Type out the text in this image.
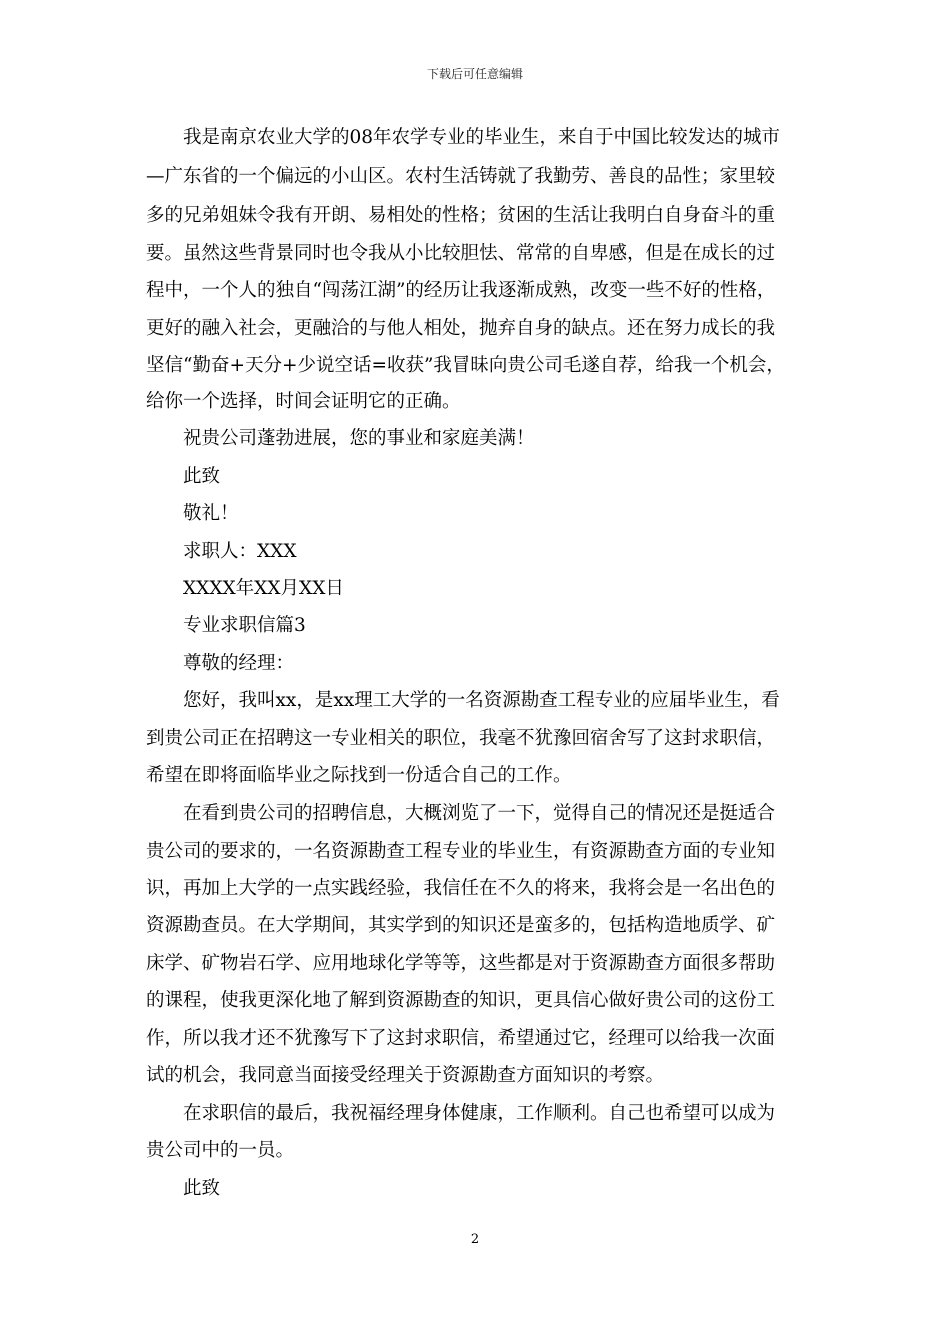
下载后可任意编辑
　　我是南京农业大学的08年农学专业的毕业生，来自于中国比较发达的城市
—广东省的一个偏远的小山区。农村生活铸就了我勤劳、善良的品性；家里较
多的兄弟姐妹令我有开朗、易相处的性格；贫困的生活让我明白自身奋斗的重
要。虽然这些背景同时也令我从小比较胆怯、常常的自卑感，但是在成长的过
程中，一个人的独自“闯荡江湖”的经历让我逐渐成熟，改变一些不好的性格，
更好的融入社会，更融洽的与他人相处，抛弃自身的缺点。还在努力成长的我
坚信“勤奋+天分+少说空话=收获”我冒昧向贵公司毛遂自荐，给我一个机会，
给你一个选择，时间会证明它的正确。
　　祝贵公司蓬勃进展，您的事业和家庭美满！
　　此致
　　敬礼！
　　求职人：XXX
　　XXXX年XX月XX日
　　专业求职信篇3
　　尊敬的经理：
　　您好，我叫xx，是xx理工大学的一名资源勘查工程专业的应届毕业生，看
到贵公司正在招聘这一专业相关的职位，我毫不犹豫回宿舍写了这封求职信，
希望在即将面临毕业之际找到一份适合自己的工作。
　　在看到贵公司的招聘信息，大概浏览了一下，觉得自己的情况还是挺适合
贵公司的要求的，一名资源勘查工程专业的毕业生，有资源勘查方面的专业知
识，再加上大学的一点实践经验，我信任在不久的将来，我将会是一名出色的
资源勘查员。在大学期间，其实学到的知识还是蛮多的，包括构造地质学、矿
床学、矿物岩石学、应用地球化学等等，这些都是对于资源勘查方面很多帮助
的课程，使我更深化地了解到资源勘查的知识，更具信心做好贵公司的这份工
作，所以我才还不犹豫写下了这封求职信，希望通过它，经理可以给我一次面
试的机会，我同意当面接受经理关于资源勘查方面知识的考察。
　　在求职信的最后，我祝福经理身体健康，工作顺利。自己也希望可以成为
贵公司中的一员。
　　此致
2
